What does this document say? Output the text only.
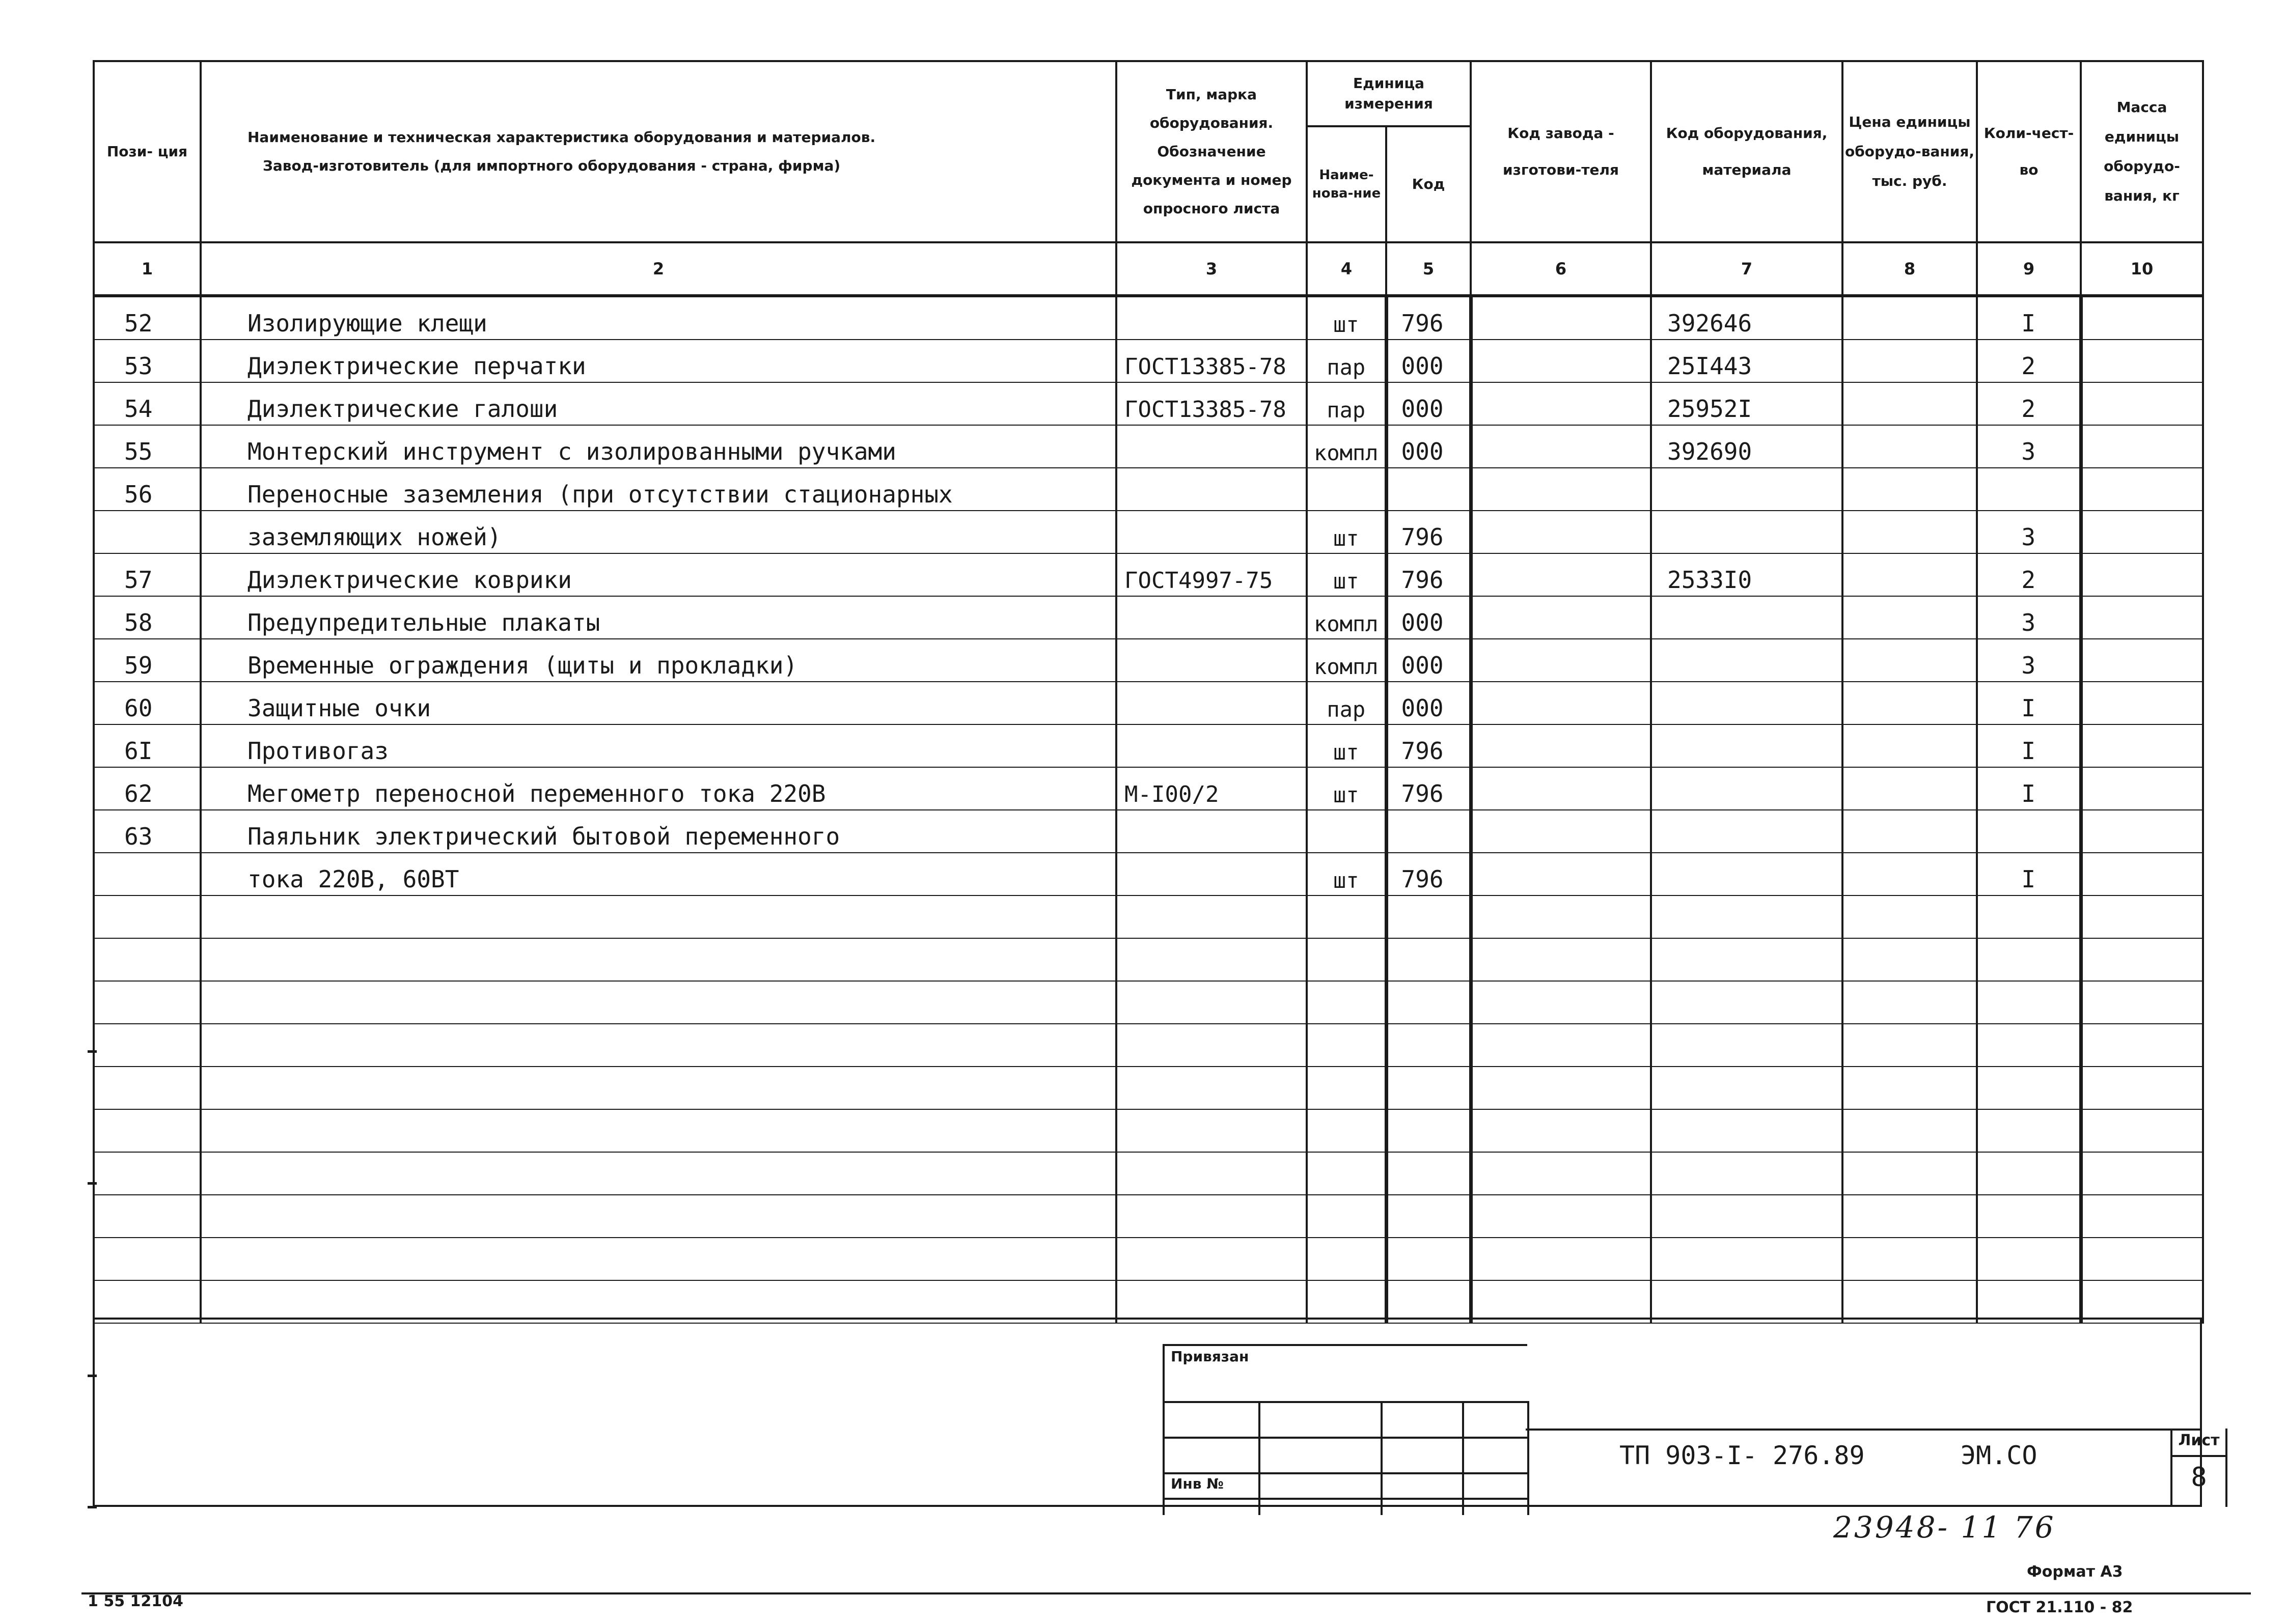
Пози- ция	Наименование и техническая характеристика оборудования и материалов.
Завод-изготовитель (для импортного оборудования - страна, фирма)	Тип, марка оборудования. Обозначение документа и номер опросного листа	Единица измерения		Код завода - изготови-теля	Код оборудования, материала	Цена единицы оборудо-вания, тыс. руб.	Коли-чест-во	Масса единицы оборудо-вания, кг
			Наиме-нова-ние	Код					
1	2	3	4	5	6	7	8	9	10
52	Изолирующие клещи		шт	796		392646		I	
53	Диэлектрические перчатки	ГОСТ13385-78	пар	000		25I443		2	
54	Диэлектрические галоши	ГОСТ13385-78	пар	000		25952I		2	
55	Монтерский инструмент с изолированными ручками		компл	000		392690		3	
56	Переносные заземления (при отсутствии стационарных								
	заземляющих ножей)		шт	796				3	
57	Диэлектрические коврики	ГОСТ4997-75	шт	796		2533I0		2	
58	Предупредительные плакаты		компл	000				3	
59	Временные ограждения (щиты и прокладки)		компл	000				3	
60	Защитные очки		пар	000				I	
6I	Противогаз		шт	796				I	
62	Мегометр переносной переменного тока 220В	М-I00/2	шт	796				I	
63	Паяльник электрический бытовой переменного								
	тока 220В, 60ВТ		шт	796				I	

Привязан
Инв №
ТП 903-I- 276.89	ЭМ.СО
Лист
8
23948- 11 76
Формат А3
ГОСТ 21.110 - 82
1 55 12104
